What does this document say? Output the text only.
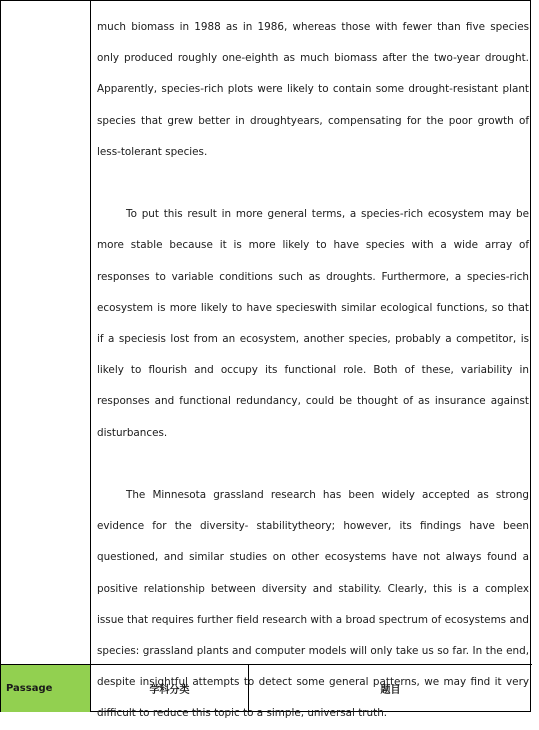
much biomass in 1988 as in 1986, whereas those with fewer than five species only produced roughly one-eighth as much biomass after the two-year drought. Apparently, species-rich plots were likely to contain some drought-resistant plant species that grew better in droughtyears, compensating for the poor growth of less-tolerant species.

To put this result in more general terms, a species-rich ecosystem may be more stable because it is more likely to have species with a wide array of responses to variable conditions such as droughts. Furthermore, a species-rich ecosystem is more likely to have specieswith similar ecological functions, so that if a speciesis lost from an ecosystem, another species, probably a competitor, is likely to flourish and occupy its functional role. Both of these, variability in responses and functional redundancy, could be thought of as insurance against disturbances.

The Minnesota grassland research has been widely accepted as strong evidence for the diversity- stabilitytheory; however, its findings have been questioned, and similar studies on other ecosystems have not always found a positive relationship between diversity and stability. Clearly, this is a complex issue that requires further field research with a broad spectrum of ecosystems and species: grassland plants and computer models will only take us so far. In the end, despite insightful attempts to detect some general patterns, we may find it very difficult to reduce this topic to a simple, universal truth.

Passage	学科分类	题目
